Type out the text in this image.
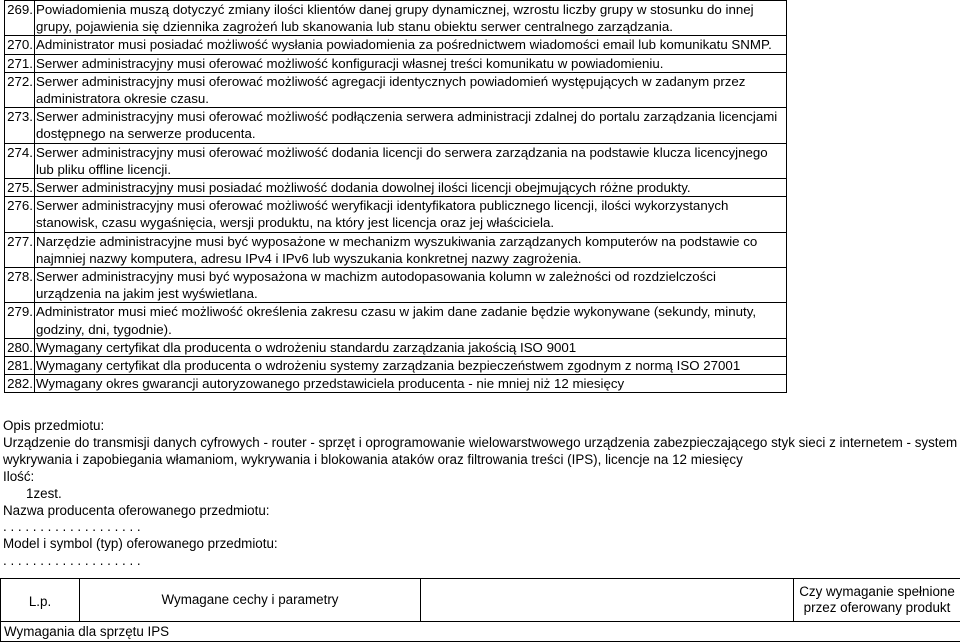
269.	Powiadomienia muszą dotyczyć zmiany ilości klientów danej grupy dynamicznej, wzrostu liczby grupy w stosunku do innej grupy, pojawienia się dziennika zagrożeń lub skanowania lub stanu obiektu serwer centralnego zarządzania.
270.	Administrator musi posiadać możliwość wysłania powiadomienia za pośrednictwem wiadomości email lub komunikatu SNMP.
271.	Serwer administracyjny musi oferować możliwość konfiguracji własnej treści komunikatu w powiadomieniu.
272.	Serwer administracyjny musi oferować możliwość agregacji identycznych powiadomień występujących w zadanym przez administratora okresie czasu.
273.	Serwer administracyjny musi oferować możliwość podłączenia serwera administracji zdalnej do portalu zarządzania licencjami dostępnego na serwerze producenta.
274.	Serwer administracyjny musi oferować możliwość dodania licencji do serwera zarządzania na podstawie klucza licencyjnego lub pliku offline licencji.
275.	Serwer administracyjny musi posiadać możliwość dodania dowolnej ilości licencji obejmujących różne produkty.
276.	Serwer administracyjny musi oferować możliwość weryfikacji identyfikatora publicznego licencji, ilości wykorzystanych stanowisk, czasu wygaśnięcia, wersji produktu, na który jest licencja oraz jej właściciela.
277.	Narzędzie administracyjne musi być wyposażone w mechanizm wyszukiwania zarządzanych komputerów na podstawie co najmniej nazwy komputera, adresu IPv4 i IPv6 lub wyszukania konkretnej nazwy zagrożenia.
278.	Serwer administracyjny musi być wyposażona w machizm autodopasowania kolumn w zależności od rozdzielczości urządzenia na jakim jest wyświetlana.
279.	Administrator musi mieć możliwość określenia zakresu czasu w jakim dane zadanie będzie wykonywane (sekundy, minuty, godziny, dni, tygodnie).
280.	Wymagany certyfikat dla producenta o wdrożeniu standardu zarządzania jakością ISO 9001
281.	Wymagany certyfikat dla producenta o wdrożeniu systemy zarządzania bezpieczeństwem zgodnym z normą ISO 27001
282.	Wymagany okres gwarancji autoryzowanego przedstawiciela producenta - nie mniej niż 12 miesięcy

Opis przedmiotu:

Urządzenie do transmisji danych cyfrowych - router - sprzęt i oprogramowanie wielowarstwowego urządzenia zabezpieczającego styk sieci z internetem - system wykrywania i zapobiegania włamaniom, wykrywania i blokowania ataków oraz filtrowania treści (IPS), licencje na 12 miesięcy

Ilość:

1zest.

Nazwa producenta oferowanego przedmiotu:

. . . . . . . . . . . . . . . . . . .

Model i symbol (typ) oferowanego przedmiotu:

. . . . . . . . . . . . . . . . . . .

L.p.	Wymagane cechy i parametry		Czy wymaganie spełnione przez oferowany produkt
Wymagania dla sprzętu IPS
